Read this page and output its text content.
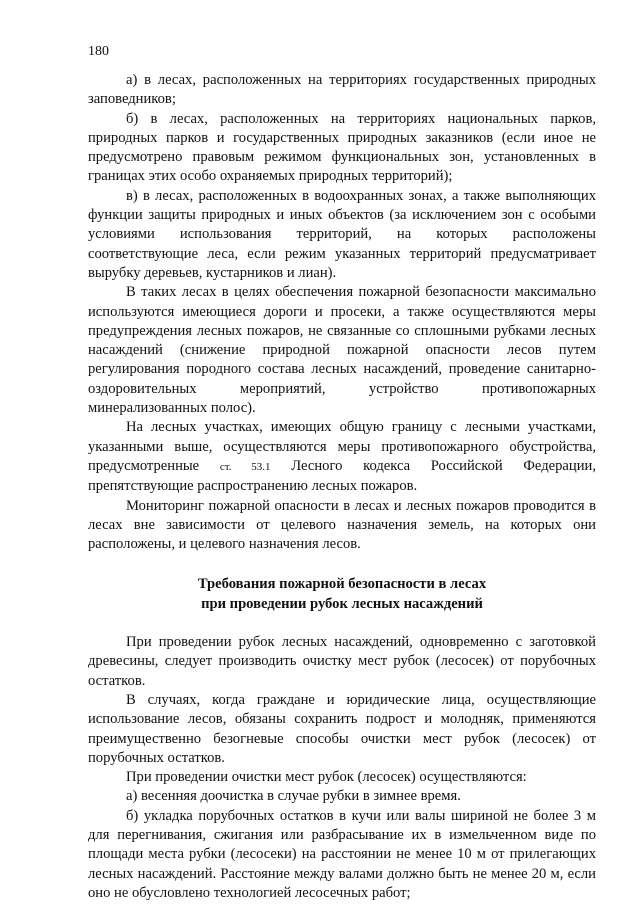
180

а) в лесах, расположенных на территориях государственных природных заповедников;

б) в лесах, расположенных на территориях национальных парков, природных парков и государственных природных заказников (если иное не предусмотрено правовым режимом функциональных зон, установленных в границах этих особо охраняемых природных территорий);

в) в лесах, расположенных в водоохранных зонах, а также выполняющих функции защиты природных и иных объектов (за исключением зон с особыми условиями использования территорий, на которых расположены соответствующие леса, если режим указанных территорий предусматривает вырубку деревьев, кустарников и лиан).

В таких лесах в целях обеспечения пожарной безопасности максимально используются имеющиеся дороги и просеки, а также осуществляются меры предупреждения лесных пожаров, не связанные со сплошными рубками лесных насаждений (снижение природной пожарной опасности лесов путем регулирования породного состава лесных насаждений, проведение санитарно-оздоровительных мероприятий, устройство противопожарных минерализованных полос).

На лесных участках, имеющих общую границу с лесными участками, указанными выше, осуществляются меры противопожарного обустройства, предусмотренные ст. 53.1 Лесного кодекса Российской Федерации, препятствующие распространению лесных пожаров.

Мониторинг пожарной опасности в лесах и лесных пожаров проводится в лесах вне зависимости от целевого назначения земель, на которых они расположены, и целевого назначения лесов.

Требования пожарной безопасности в лесах
при проведении рубок лесных насаждений

При проведении рубок лесных насаждений, одновременно с заготовкой древесины, следует производить очистку мест рубок (лесосек) от порубочных остатков.

В случаях, когда граждане и юридические лица, осуществляющие использование лесов, обязаны сохранить подрост и молодняк, применяются преимущественно безогневые способы очистки мест рубок (лесосек) от порубочных остатков.

При проведении очистки мест рубок (лесосек) осуществляются:

а) весенняя доочистка в случае рубки в зимнее время.

б) укладка порубочных остатков в кучи или валы шириной не более 3 м для перегнивания, сжигания или разбрасывание их в измельченном виде по площади места рубки (лесосеки) на расстоянии не менее 10 м от прилегающих лесных насаждений. Расстояние между валами должно быть не менее 20 м, если оно не обусловлено технологией лесосечных работ;
